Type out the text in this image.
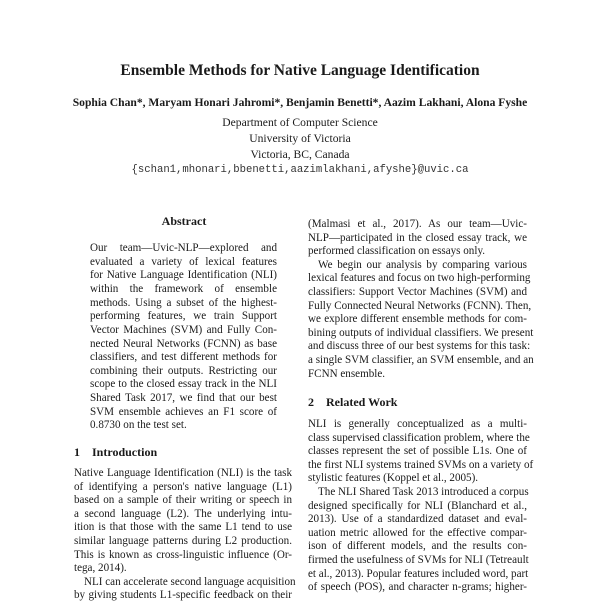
Ensemble Methods for Native Language Identification
Sophia Chan*, Maryam Honari Jahromi*, Benjamin Benetti*, Aazim Lakhani, Alona Fyshe
Department of Computer Science
University of Victoria
Victoria, BC, Canada
{schan1,mhonari,bbenetti,aazimlakhani,afyshe}@uvic.ca
Abstract
1 Introduction
2 Related Work
Our team—Uvic-NLP—explored and
evaluated a variety of lexical features
for Native Language Identification (NLI)
within the framework of ensemble
methods. Using a subset of the highest-
performing features, we train Support
Vector Machines (SVM) and Fully Con-
nected Neural Networks (FCNN) as base
classifiers, and test different methods for
combining their outputs. Restricting our
scope to the closed essay track in the NLI
Shared Task 2017, we find that our best
SVM ensemble achieves an F1 score of
0.8730 on the test set.
Native Language Identification (NLI) is the task
of identifying a person's native language (L1)
based on a sample of their writing or speech in
a second language (L2). The underlying intu-
ition is that those with the same L1 tend to use
similar language patterns during L2 production.
This is known as cross-linguistic influence (Or-
tega, 2014).
NLI can accelerate second language acquisition
by giving students L1-specific feedback on their
(Malmasi et al., 2017). As our team—Uvic-
NLP—participated in the closed essay track, we
performed classification on essays only.
We begin our analysis by comparing various
lexical features and focus on two high-performing
classifiers: Support Vector Machines (SVM) and
Fully Connected Neural Networks (FCNN). Then,
we explore different ensemble methods for com-
bining outputs of individual classifiers. We present
and discuss three of our best systems for this task:
a single SVM classifier, an SVM ensemble, and an
FCNN ensemble.
NLI is generally conceptualized as a multi-
class supervised classification problem, where the
classes represent the set of possible L1s. One of
the first NLI systems trained SVMs on a variety of
stylistic features (Koppel et al., 2005).
The NLI Shared Task 2013 introduced a corpus
designed specifically for NLI (Blanchard et al.,
2013). Use of a standardized dataset and eval-
uation metric allowed for the effective compar-
ison of different models, and the results con-
firmed the usefulness of SVMs for NLI (Tetreault
et al., 2013). Popular features included word, part
of speech (POS), and character n-grams; higher-
